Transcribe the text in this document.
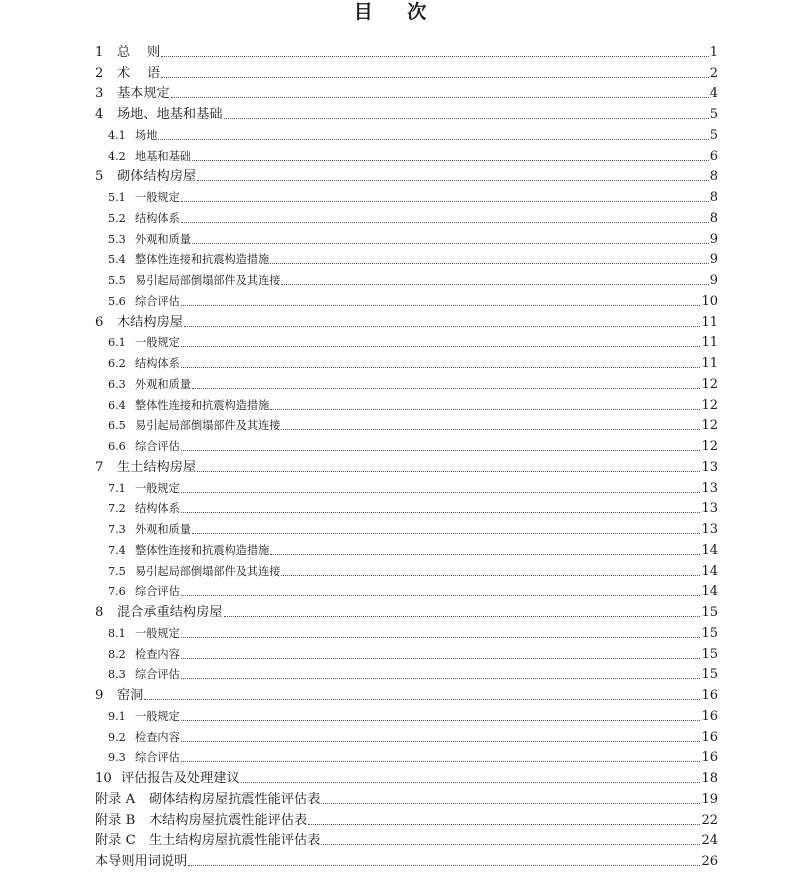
目 次
1	总    则	1
2	术    语	2
3	基本规定	4
4	场地、地基和基础	5
4.1 场地	5
4.2 地基和基础	6
5	砌体结构房屋	8
5.1 一般规定	8
5.2 结构体系	8
5.3 外观和质量	9
5.4 整体性连接和抗震构造措施	9
5.5 易引起局部倒塌部件及其连接	9
5.6 综合评估	10
6	木结构房屋	11
6.1 一般规定	11
6.2 结构体系	11
6.3 外观和质量	12
6.4 整体性连接和抗震构造措施	12
6.5 易引起局部倒塌部件及其连接	12
6.6 综合评估	12
7	生土结构房屋	13
7.1 一般规定	13
7.2 结构体系	13
7.3 外观和质量	13
7.4 整体性连接和抗震构造措施	14
7.5 易引起局部倒塌部件及其连接	14
7.6 综合评估	14
8	混合承重结构房屋	15
8.1 一般规定	15
8.2 检查内容	15
8.3 综合评估	15
9	窑洞	16
9.1 一般规定	16
9.2 检查内容	16
9.3 综合评估	16
10 评估报告及处理建议	18
附录 A	砌体结构房屋抗震性能评估表	19
附录 B	木结构房屋抗震性能评估表	22
附录 C	生土结构房屋抗震性能评估表	24
本导则用词说明	26
